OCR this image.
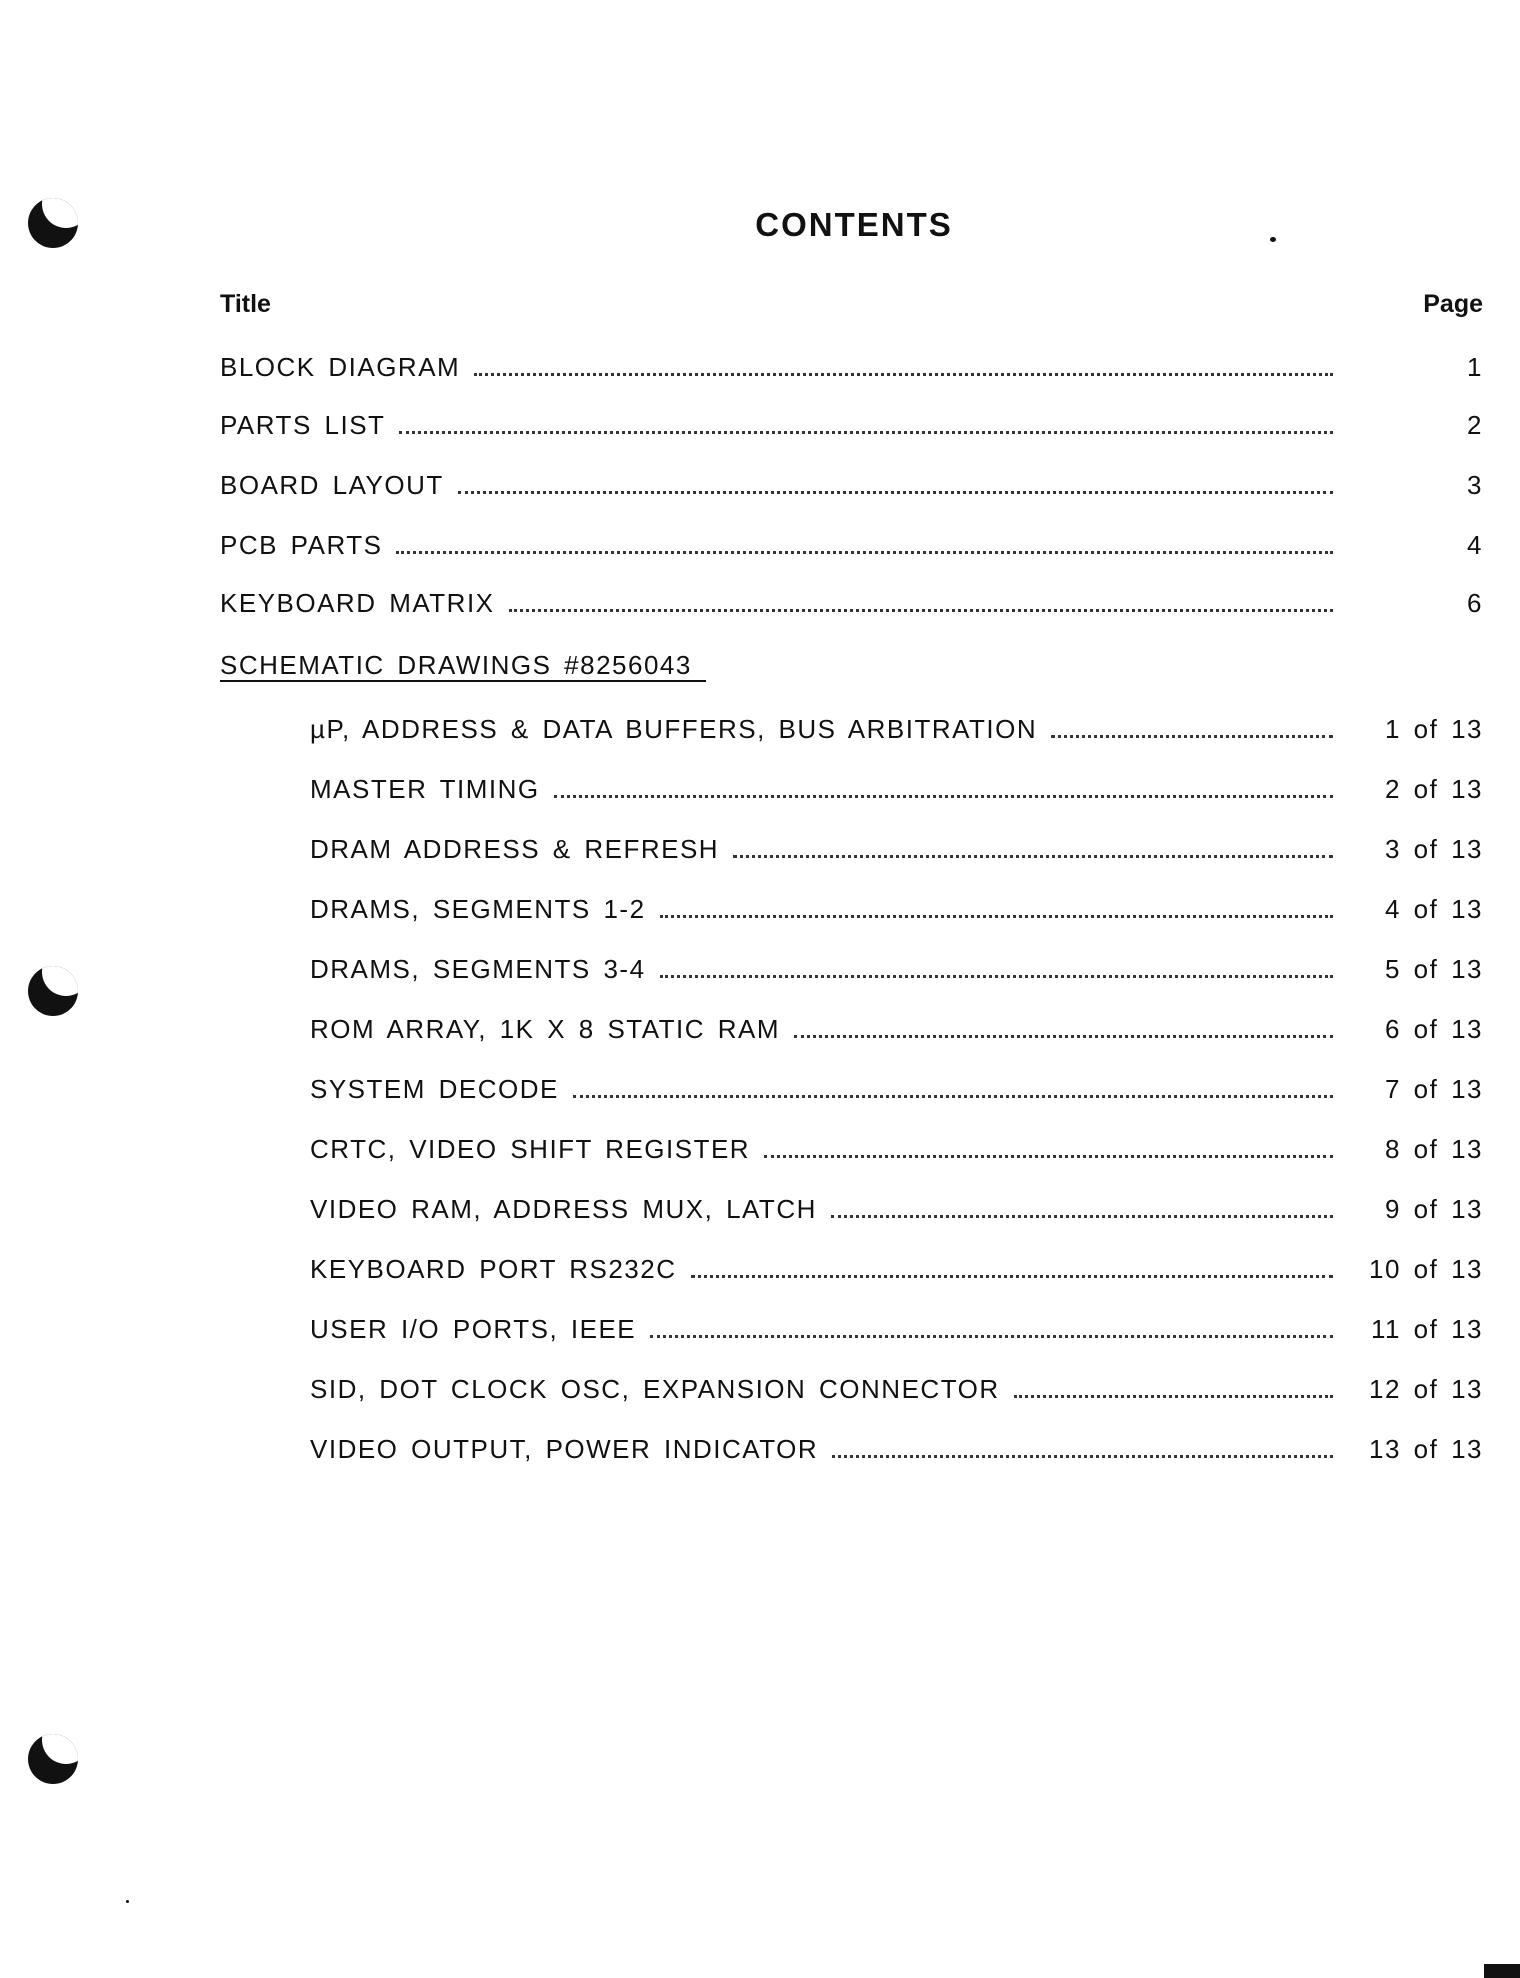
CONTENTS
Title	Page
BLOCK DIAGRAM	1
PARTS LIST	2
BOARD LAYOUT	3
PCB PARTS	4
KEYBOARD MATRIX	6
SCHEMATIC DRAWINGS #8256043
µP, ADDRESS & DATA BUFFERS, BUS ARBITRATION	1 of 13
MASTER TIMING	2 of 13
DRAM ADDRESS & REFRESH	3 of 13
DRAMS, SEGMENTS 1-2	4 of 13
DRAMS, SEGMENTS 3-4	5 of 13
ROM ARRAY, 1K X 8 STATIC RAM	6 of 13
SYSTEM DECODE	7 of 13
CRTC, VIDEO SHIFT REGISTER	8 of 13
VIDEO RAM, ADDRESS MUX, LATCH	9 of 13
KEYBOARD PORT RS232C	10 of 13
USER I/O PORTS, IEEE	11 of 13
SID, DOT CLOCK OSC, EXPANSION CONNECTOR	12 of 13
VIDEO OUTPUT, POWER INDICATOR	13 of 13
